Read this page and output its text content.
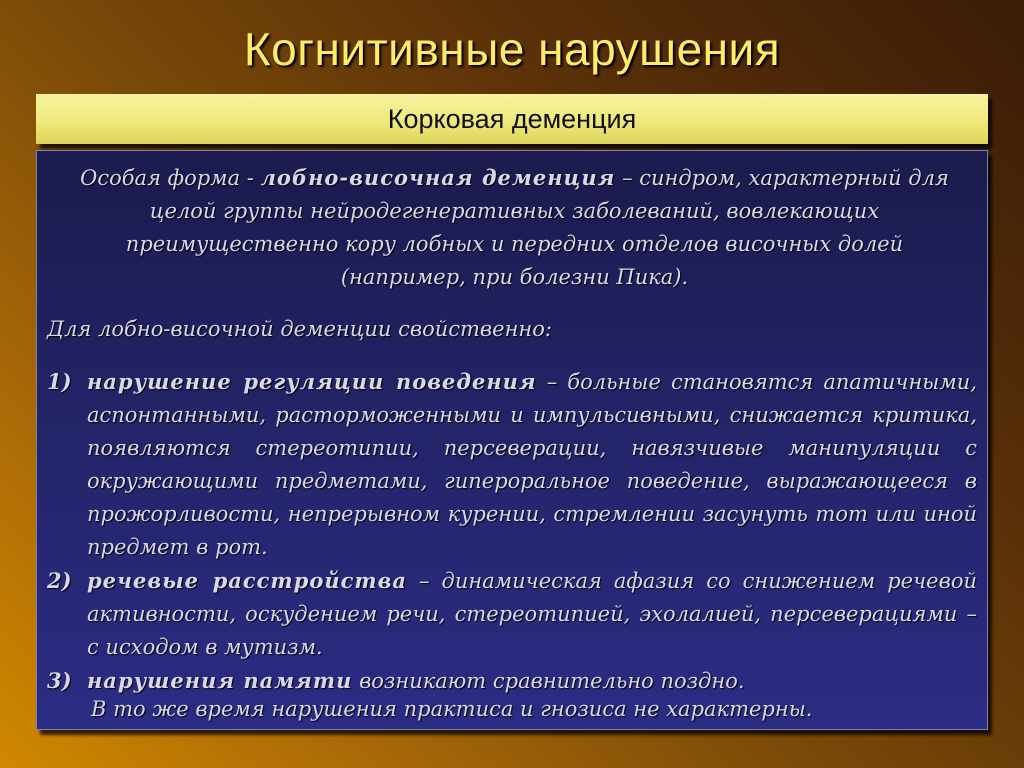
Когнитивные нарушения
Корковая деменция
Особая форма - лобно-височная деменция – синдром, характерный для целой группы нейродегенеративных заболеваний, вовлекающих преимущественно кору лобных и передних отделов височных долей (например, при болезни Пика).
Для лобно-височной деменции свойственно:
1) нарушение регуляции поведения – больные становятся апатичными, аспонтанными, расторможенными и импульсивными, снижается критика, появляются стереотипии, персеверации, навязчивые манипуляции с окружающими предметами, гипероральное поведение, выражающееся в прожорливости, непрерывном курении, стремлении засунуть тот или иной предмет в рот.
2) речевые расстройства – динамическая афазия со снижением речевой активности, оскудением речи, стереотипией, эхолалией, персеверациями – с исходом в мутизм.
3) нарушения памяти возникают сравнительно поздно.
В то же время нарушения практиса и гнозиса не характерны.
